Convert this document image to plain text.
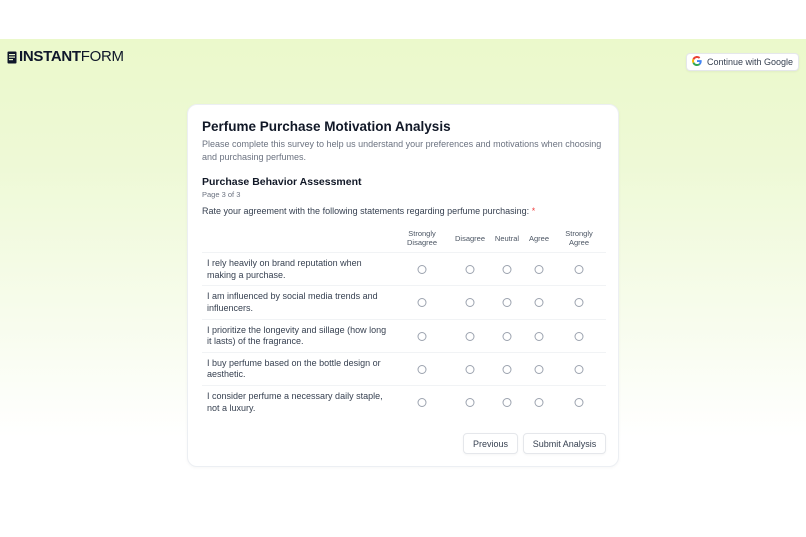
INSTANTFORM	Continue with Google
Perfume Purchase Motivation Analysis
Please complete this survey to help us understand your preferences and motivations when choosing and purchasing perfumes.
Purchase Behavior Assessment
Page 3 of 3
Rate your agreement with the following statements regarding perfume purchasing: *
Strongly
Disagree Disagree Neutral Agree
Strongly
Agree
I rely heavily on brand reputation when making a purchase.
I am influenced by social media trends and influencers.
I prioritize the longevity and sillage (how long it lasts) of the fragrance.
I buy perfume based on the bottle design or aesthetic.
I consider perfume a necessary daily staple, not a luxury.
Previous	Submit Analysis
